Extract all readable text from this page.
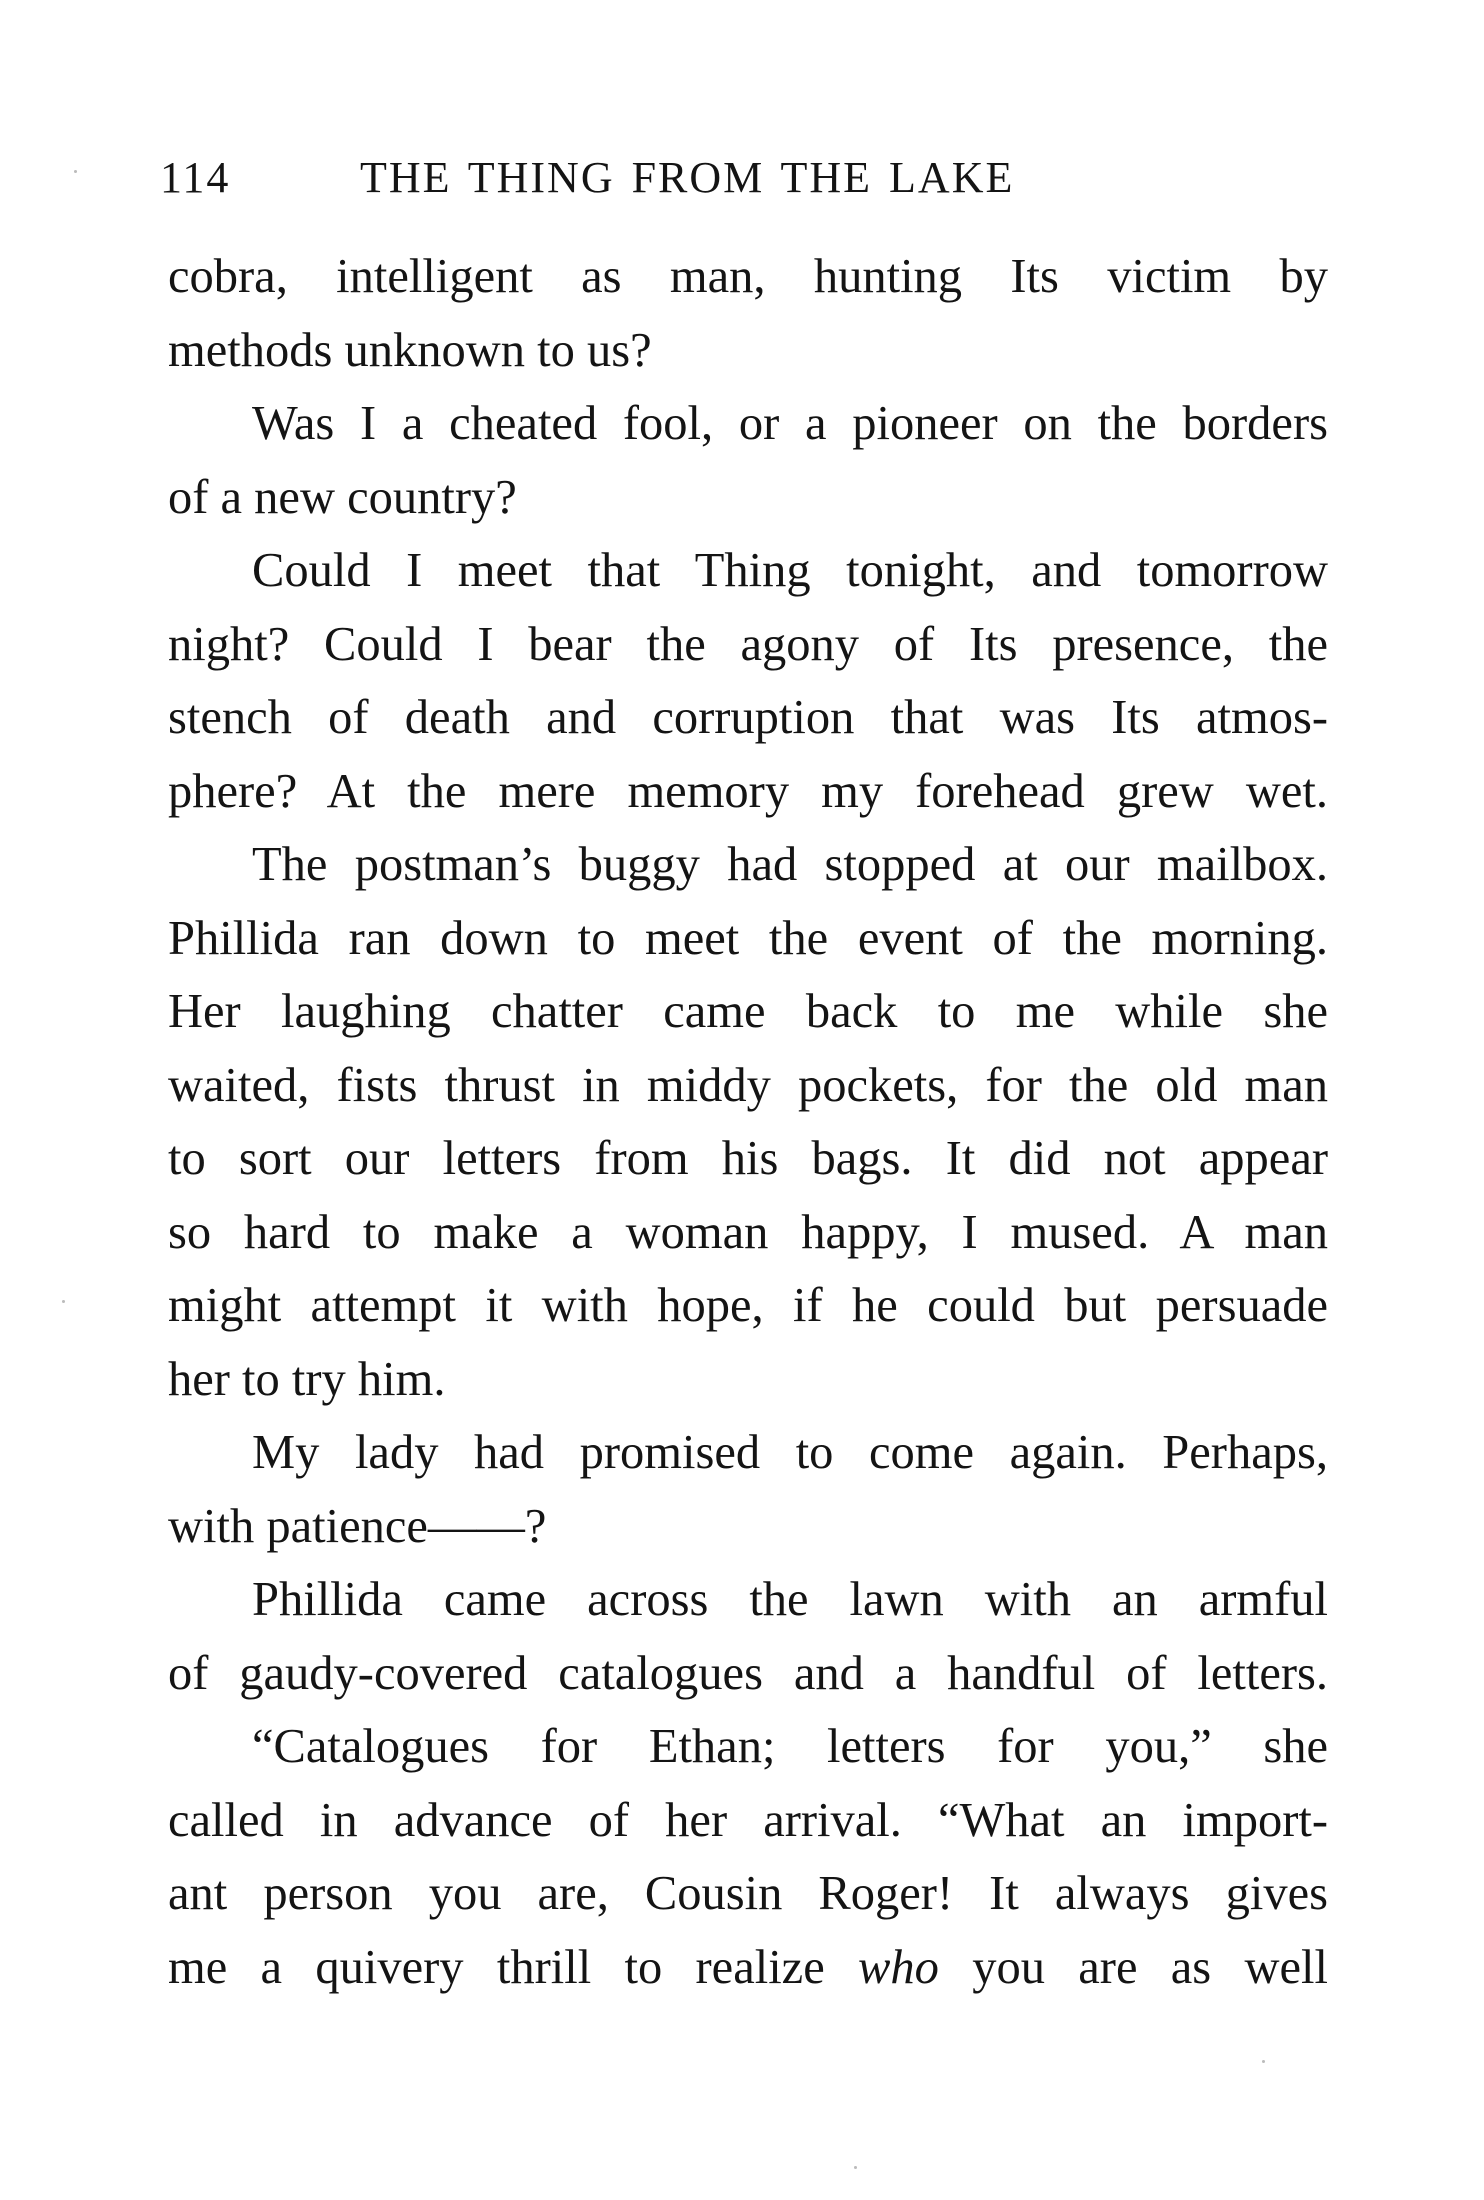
114	THE THING FROM THE LAKE
cobra, intelligent as man, hunting Its victim by
methods unknown to us?
Was I a cheated fool, or a pioneer on the borders
of a new country?
Could I meet that Thing tonight, and tomorrow
night? Could I bear the agony of Its presence, the
stench of death and corruption that was Its atmos-
phere? At the mere memory my forehead grew wet.
The postman’s buggy had stopped at our mailbox.
Phillida ran down to meet the event of the morning.
Her laughing chatter came back to me while she
waited, fists thrust in middy pockets, for the old man
to sort our letters from his bags. It did not appear
so hard to make a woman happy, I mused. A man
might attempt it with hope, if he could but persuade
her to try him.
My lady had promised to come again. Perhaps,
with patience——?
Phillida came across the lawn with an armful
of gaudy-covered catalogues and a handful of letters.
“Catalogues for Ethan; letters for you,” she
called in advance of her arrival. “What an import-
ant person you are, Cousin Roger! It always gives
me a quivery thrill to realize who you are as well
